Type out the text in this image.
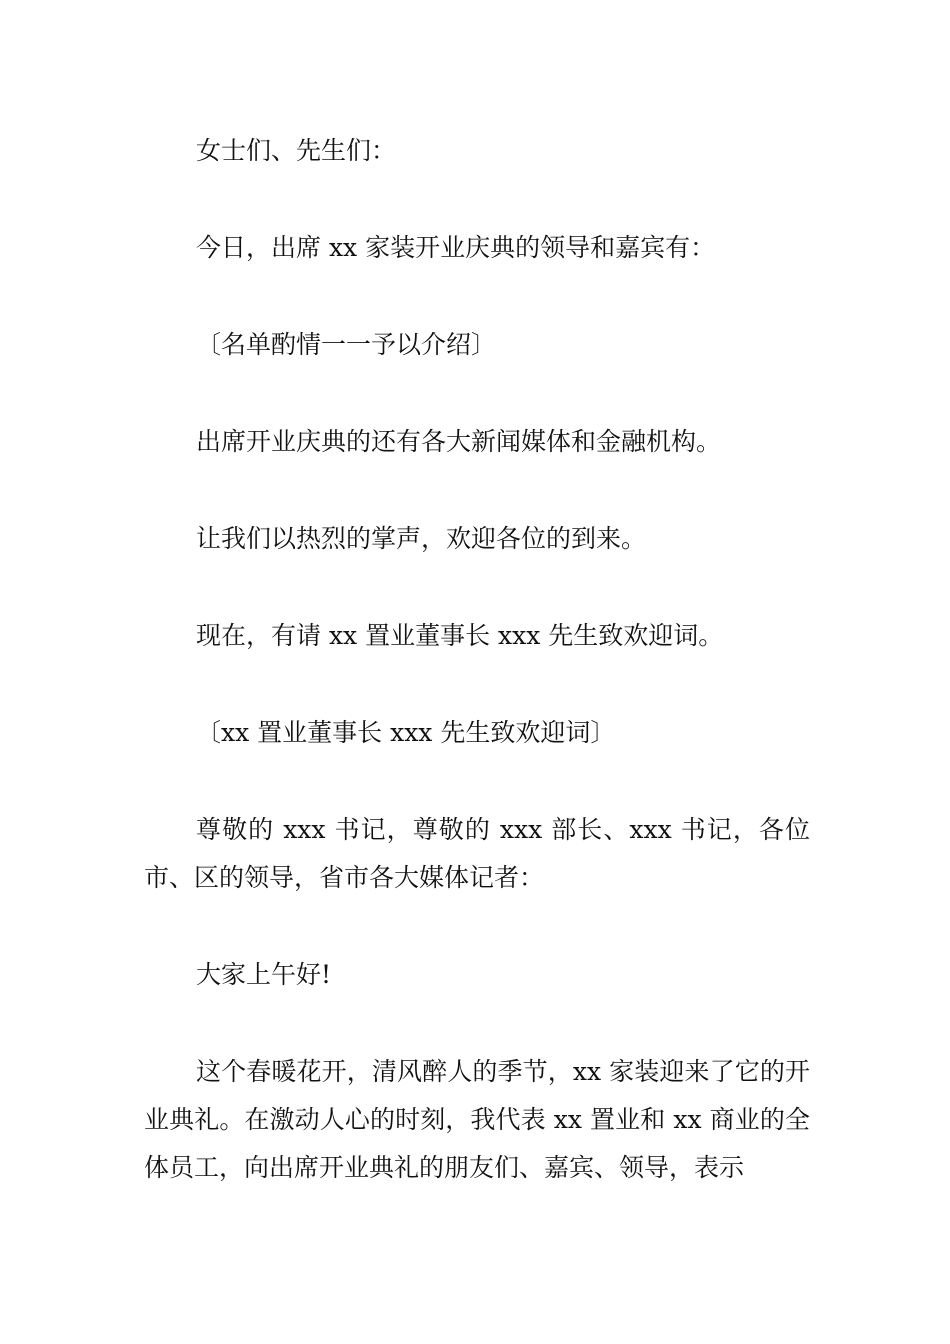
女士们、先生们：

今日，出席 xx 家装开业庆典的领导和嘉宾有：

〔名单酌情一一予以介绍〕

出席开业庆典的还有各大新闻媒体和金融机构。

让我们以热烈的掌声，欢迎各位的到来。

现在，有请 xx 置业董事长 xxx 先生致欢迎词。

〔xx 置业董事长 xxx 先生致欢迎词〕

尊敬的 xxx 书记，尊敬的 xxx 部长、xxx 书记，各位市、区的领导，省市各大媒体记者：

大家上午好!

这个春暖花开，清风醉人的季节，xx 家装迎来了它的开业典礼。在激动人心的时刻，我代表 xx 置业和 xx 商业的全体员工，向出席开业典礼的朋友们、嘉宾、领导，表示
